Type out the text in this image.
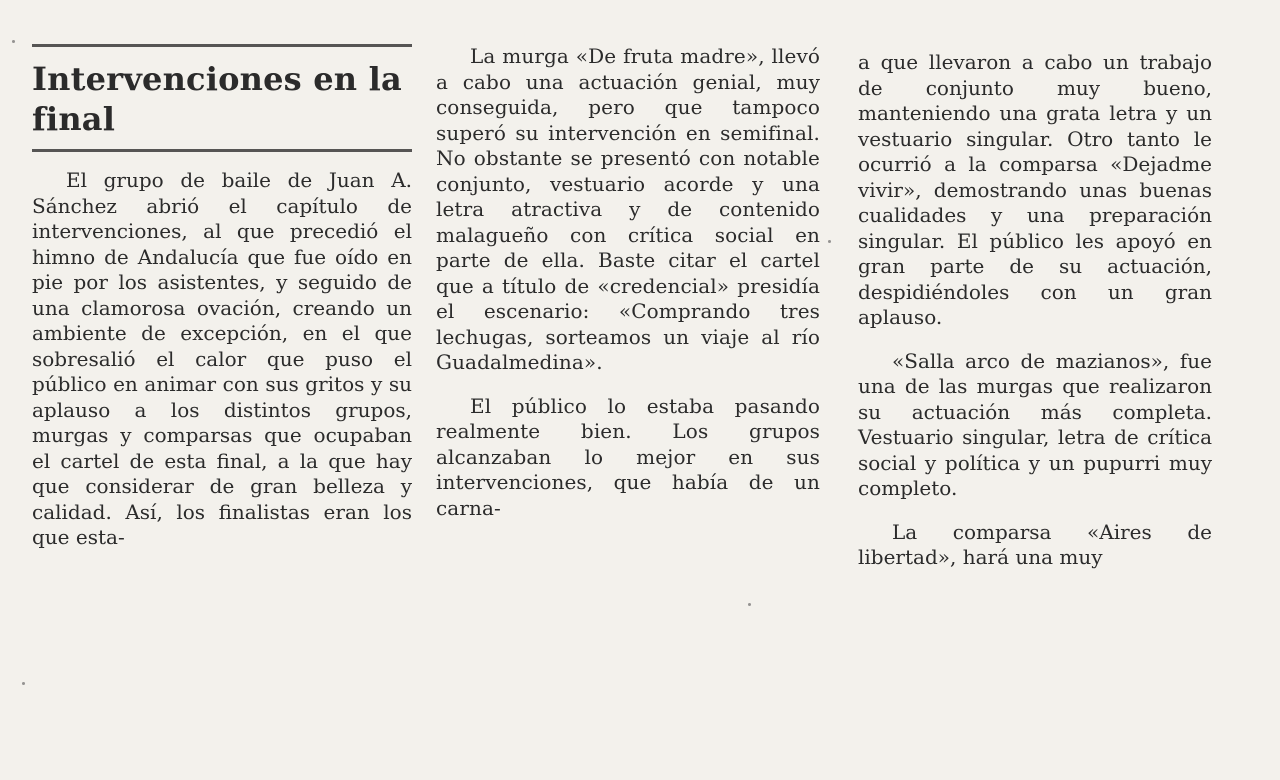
Intervenciones en la final

El grupo de baile de Juan A. Sánchez abrió el capítulo de intervenciones, al que precedió el himno de Andalucía que fue oído en pie por los asistentes, y seguido de una clamorosa ovación, creando un ambiente de excepción, en el que sobresalió el calor que puso el público en animar con sus gritos y su aplauso a los distintos grupos, murgas y comparsas que ocupaban el cartel de esta final, a la que hay que considerar de gran belleza y calidad. Así, los finalistas eran los que esta-

La murga «De fruta madre», llevó a cabo una actuación genial, muy conseguida, pero que tampoco superó su intervención en semifinal. No obstante se presentó con notable conjunto, vestuario acorde y una letra atractiva y de contenido malagueño con crítica social en parte de ella. Baste citar el cartel que a título de «credencial» presidía el escenario: «Comprando tres lechugas, sorteamos un viaje al río Guadalmedina».

El público lo estaba pasando realmente bien. Los grupos alcanzaban lo mejor en sus intervenciones, que había de un carna-

a que llevaron a cabo un trabajo de conjunto muy bueno, manteniendo una grata letra y un vestuario singular. Otro tanto le ocurrió a la comparsa «Dejadme vivir», demostrando unas buenas cualidades y una preparación singular. El público les apoyó en gran parte de su actuación, despidiéndoles con un gran aplauso.

«Salla arco de mazianos», fue una de las murgas que realizaron su actuación más completa. Vestuario singular, letra de crítica social y política y un pupurri muy completo.

La comparsa «Aires de libertad», hará una muy
